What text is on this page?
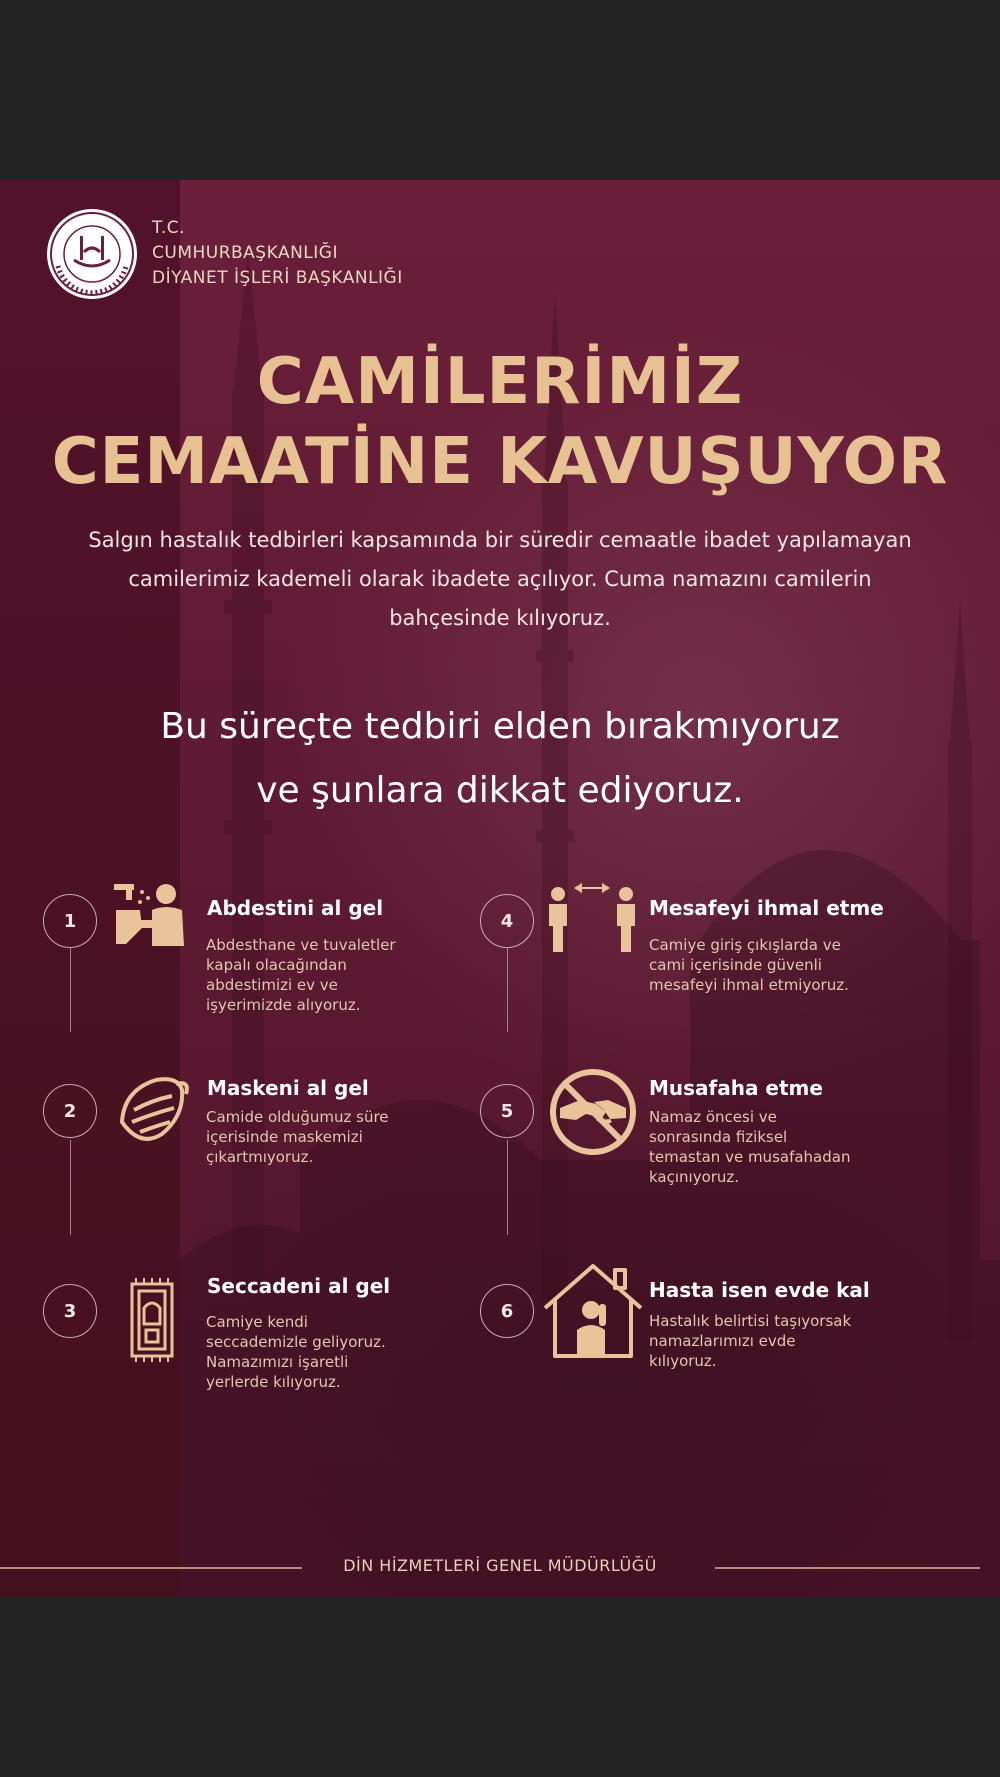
T.C.
CUMHURBAŞKANLIĞI
DİYANET İŞLERİ BAŞKANLIĞI
CAMİLERİMİZ
CEMAATİNE KAVUŞUYOR
Salgın hastalık tedbirleri kapsamında bir süredir cemaatle ibadet yapılamayan
camilerimiz kademeli olarak ibadete açılıyor. Cuma namazını camilerin
bahçesinde kılıyoruz.
Bu süreçte tedbiri elden bırakmıyoruz
ve şunlara dikkat ediyoruz.
1
Abdestini al gel
Abdesthane ve tuvaletler
kapalı olacağından
abdestimizi ev ve
işyerimizde alıyoruz.
2
Maskeni al gel
Camide olduğumuz süre
içerisinde maskemizi
çıkartmıyoruz.
3
Seccadeni al gel
Camiye kendi
seccademizle geliyoruz.
Namazımızı işaretli
yerlerde kılıyoruz.
4
Mesafeyi ihmal etme
Camiye giriş çıkışlarda ve
cami içerisinde güvenli
mesafeyi ihmal etmiyoruz.
5
Musafaha etme
Namaz öncesi ve
sonrasında fiziksel
temastan ve musafahadan
kaçınıyoruz.
6
Hasta isen evde kal
Hastalık belirtisi taşıyorsak
namazlarımızı evde
kılıyoruz.
DİN HİZMETLERİ GENEL MÜDÜRLÜĞÜ
